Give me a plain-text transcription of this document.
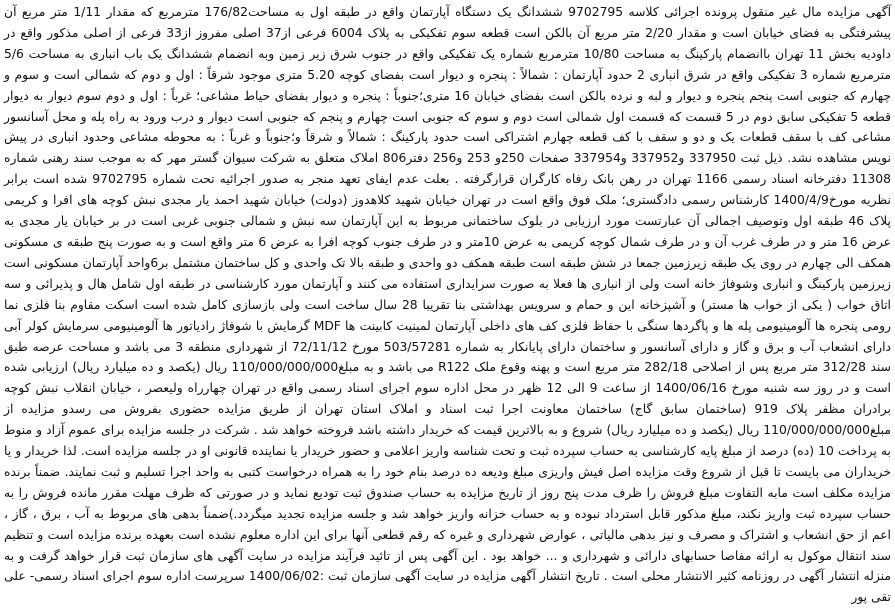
آگهی مزایده مال غیر منقول پرونده اجرائی کلاسه 9702795 ششدانگ یک دستگاه آپارتمان واقع در طبقه اول به مساحت176/82 مترمربع که مقدار 1/11 متر مربع آن پیشرفتگی به فضای خیابان است و مقدار 2/20 متر مربع آن بالکن است قطعه سوم تفکیکی به پلاک 6004 فرعی از37 اصلی مفروز از33 فرعی از اصلی مذکور واقع در داودیه بخش 11 تهران باانضمام پارکینگ به مساحت 10/80 مترمربع شماره یک تفکیکی واقع در جنوب شرق زیر زمین وبه انضمام ششدانگ یک باب انباری به مساحت 5/6 مترمربع شماره 3 تفکیکی واقع در شرق انباری 2 حدود آپارتمان : شمالاً : پنجره و دیوار است بفضای کوچه 5.20 متری موجود شرقاً : اول و دوم که شمالی است و سوم و چهارم که جنوبی است پنجم پنجره و دیوار و لبه و نرده بالکن است بفضای خیابان 16 متری؛جنوباً : پنجره و دیوار بفضای حیاط مشاعی؛ غرباً : اول و دوم سوم دیوار به دیوار قطعه 5 تفکیکی سابق دوم در 5 قسمت که قسمت اول شمالی است دوم و سوم که جنوبی است چهارم و پنجم که جنوبی است دیوار و درب ورود به راه پله و محل آسانسور مشاعی کف با سقف قطعات یک و دو و سقف با کف قطعه چهارم اشتراکی است حدود پارکینگ : شمالاً و شرقاً و؛جنوباً و غرباً : به محوطه مشاعی وحدود انباری در پیش نویس مشاهده نشد. ذیل ثبت 337950 و337952 و337954 صفحات 250و 253 و256 دفتر806 املاک متعلق به شرکت سیوان گستر مهر که به موجب سند رهنی شماره 11308 دفترخانه اسناد رسمی 1166 تهران در رهن بانک رفاه کارگران قرارگرفته . بعلت عدم ایفای تعهد منجر به صدور اجرائیه تحت شماره 9702795 شده است برابر نظریه مورخ1400/4/9 کارشناس رسمی دادگستری؛ ملک فوق واقع است در تهران خیابان شهید کلاهدوز (دولت) خیابان شهید احمد یار مجدی نبش کوچه های افرا و کریمی پلاک 46 طبقه اول وتوصیف اجمالی آن عبارتست مورد ارزیابی در بلوک ساختمانی مربوط به این آپارتمان سه نبش و شمالی جنوبی غربی است در بر خیابان یار مجدی به عرض 16 متر و در طرف غرب آن و در طرف شمال کوچه کریمی به عرض 10متر و در طرف جنوب کوچه افرا به عرض 6 متر واقع است و به صورت پنج طبقه ی مسکونی همکف الی چهارم در روی یک طبقه زیرزمین جمعا در شش طبقه است طبقه همکف دو واحدی و طبقه بالا تک واحدی و کل ساختمان مشتمل بر6واحد آپارتمان مسکونی است زیرزمین پارکینگ و انباری وشوفاژ خانه است ولی از انباری ها فعلا به صورت سرایداری استفاده می کنند و آپارتمان مورد کارشناسی در طبقه اول شامل هال و پذیرائی و سه اتاق خواب ( یکی از خواب ها مستر) و آشپزخانه این و حمام و سرویس بهداشتی بنا تقریبا 28 سال ساخت است ولی بازسازی کامل شده است اسکت مقاوم بنا فلزی نما رومی پنجره ها آلومینیومی پله ها و پاگردها سنگی با حفاظ فلزی کف های داخلی آپارتمان لمینیت کابینت ها MDF گرمایش با شوفاژ رادیاتور ها آلومینیومی سرمایش کولر آبی دارای انشعاب آب و برق و گاز و دارای آسانسور و ساختمان دارای پایانکار به شماره 503/57281 مورخ 72/11/12 از شهرداری منطقه 3 می باشد و مساحت عرصه طبق سند 312/28 متر مربع پس از اصلاحی 282/18 متر مربع است و پهنه وقوع ملک R122 می باشد و به مبلغ110/000/000/000 ریال (یکصد و ده میلیارد ریال) ارزیابی شده است و در روز سه شنبه مورخ 1400/06/16 از ساعت 9 الی 12 ظهر در محل اداره سوم اجرای اسناد رسمی واقع در تهران چهارراه ولیعصر ، خیابان انقلاب نبش کوچه برادران مظفر پلاک 919 (ساختمان سابق گاج) ساختمان معاونت اجرا ثبت اسناد و املاک استان تهران از طریق مزایده حضوری بفروش می رسدو مزایده از مبلغ110/000/000/000 ریال (یکصد و ده میلیارد ریال) شروع و به بالاترین قیمت که خریدار داشته باشد فروخته خواهد شد . شرکت در جلسه مزایده برای عموم آزاد و منوط به پرداخت 10 (ده) درصد از مبلغ پایه کارشناسی به حساب سپرده ثبت و تحت شناسه واریز اعلامی و حضور خریدار یا نماینده قانونی او در جلسه مزایده است. لذا خریدار و یا خریداران می بایست تا قبل از شروع وقت مزایده اصل فیش واریزی مبلغ ودیعه ده درصد بنام خود را به همراه درخواست کتبی به واحد اجرا تسلیم و ثبت نمایند. ضمناً برنده مزایده مکلف است مابه التفاوت مبلغ فروش را ظرف مدت پنج روز از تاریخ مزایده به حساب صندوق ثبت تودیع نماید و در صورتی که ظرف مهلت مقرر مانده فروش را به حساب سپرده ثبت واریز نکند، مبلغ مذکور قابل استرداد نبوده و به حساب خزانه واریز خواهد شد و جلسه مزایده تجدید میگردد.)ضمناً بدهی های مربوط به آب ، برق ، گاز ، اعم از حق انشعاب و اشتراک و مصرف و نیز بدهی مالیاتی ، عوارض شهرداری و غیره که رقم قطعی آنها برای این اداره معلوم نشده است بعهده برنده مزایده است و تنظیم سند انتقال موکول به ارائه مفاصا حسابهای دارائی و شهرداری و ... خواهد بود . این آگهی پس از تائید فرآیند مزایده در سایت آگهی های سازمان ثبت قرار خواهد گرفت و به منزله انتشار آگهی در روزنامه کثیر الانتشار محلی است . تاریخ انتشار آگهی مزایده در سایت آگهی سازمان ثبت :1400/06/02 سرپرست اداره سوم اجرای اسناد رسمی- علی تقی پور
